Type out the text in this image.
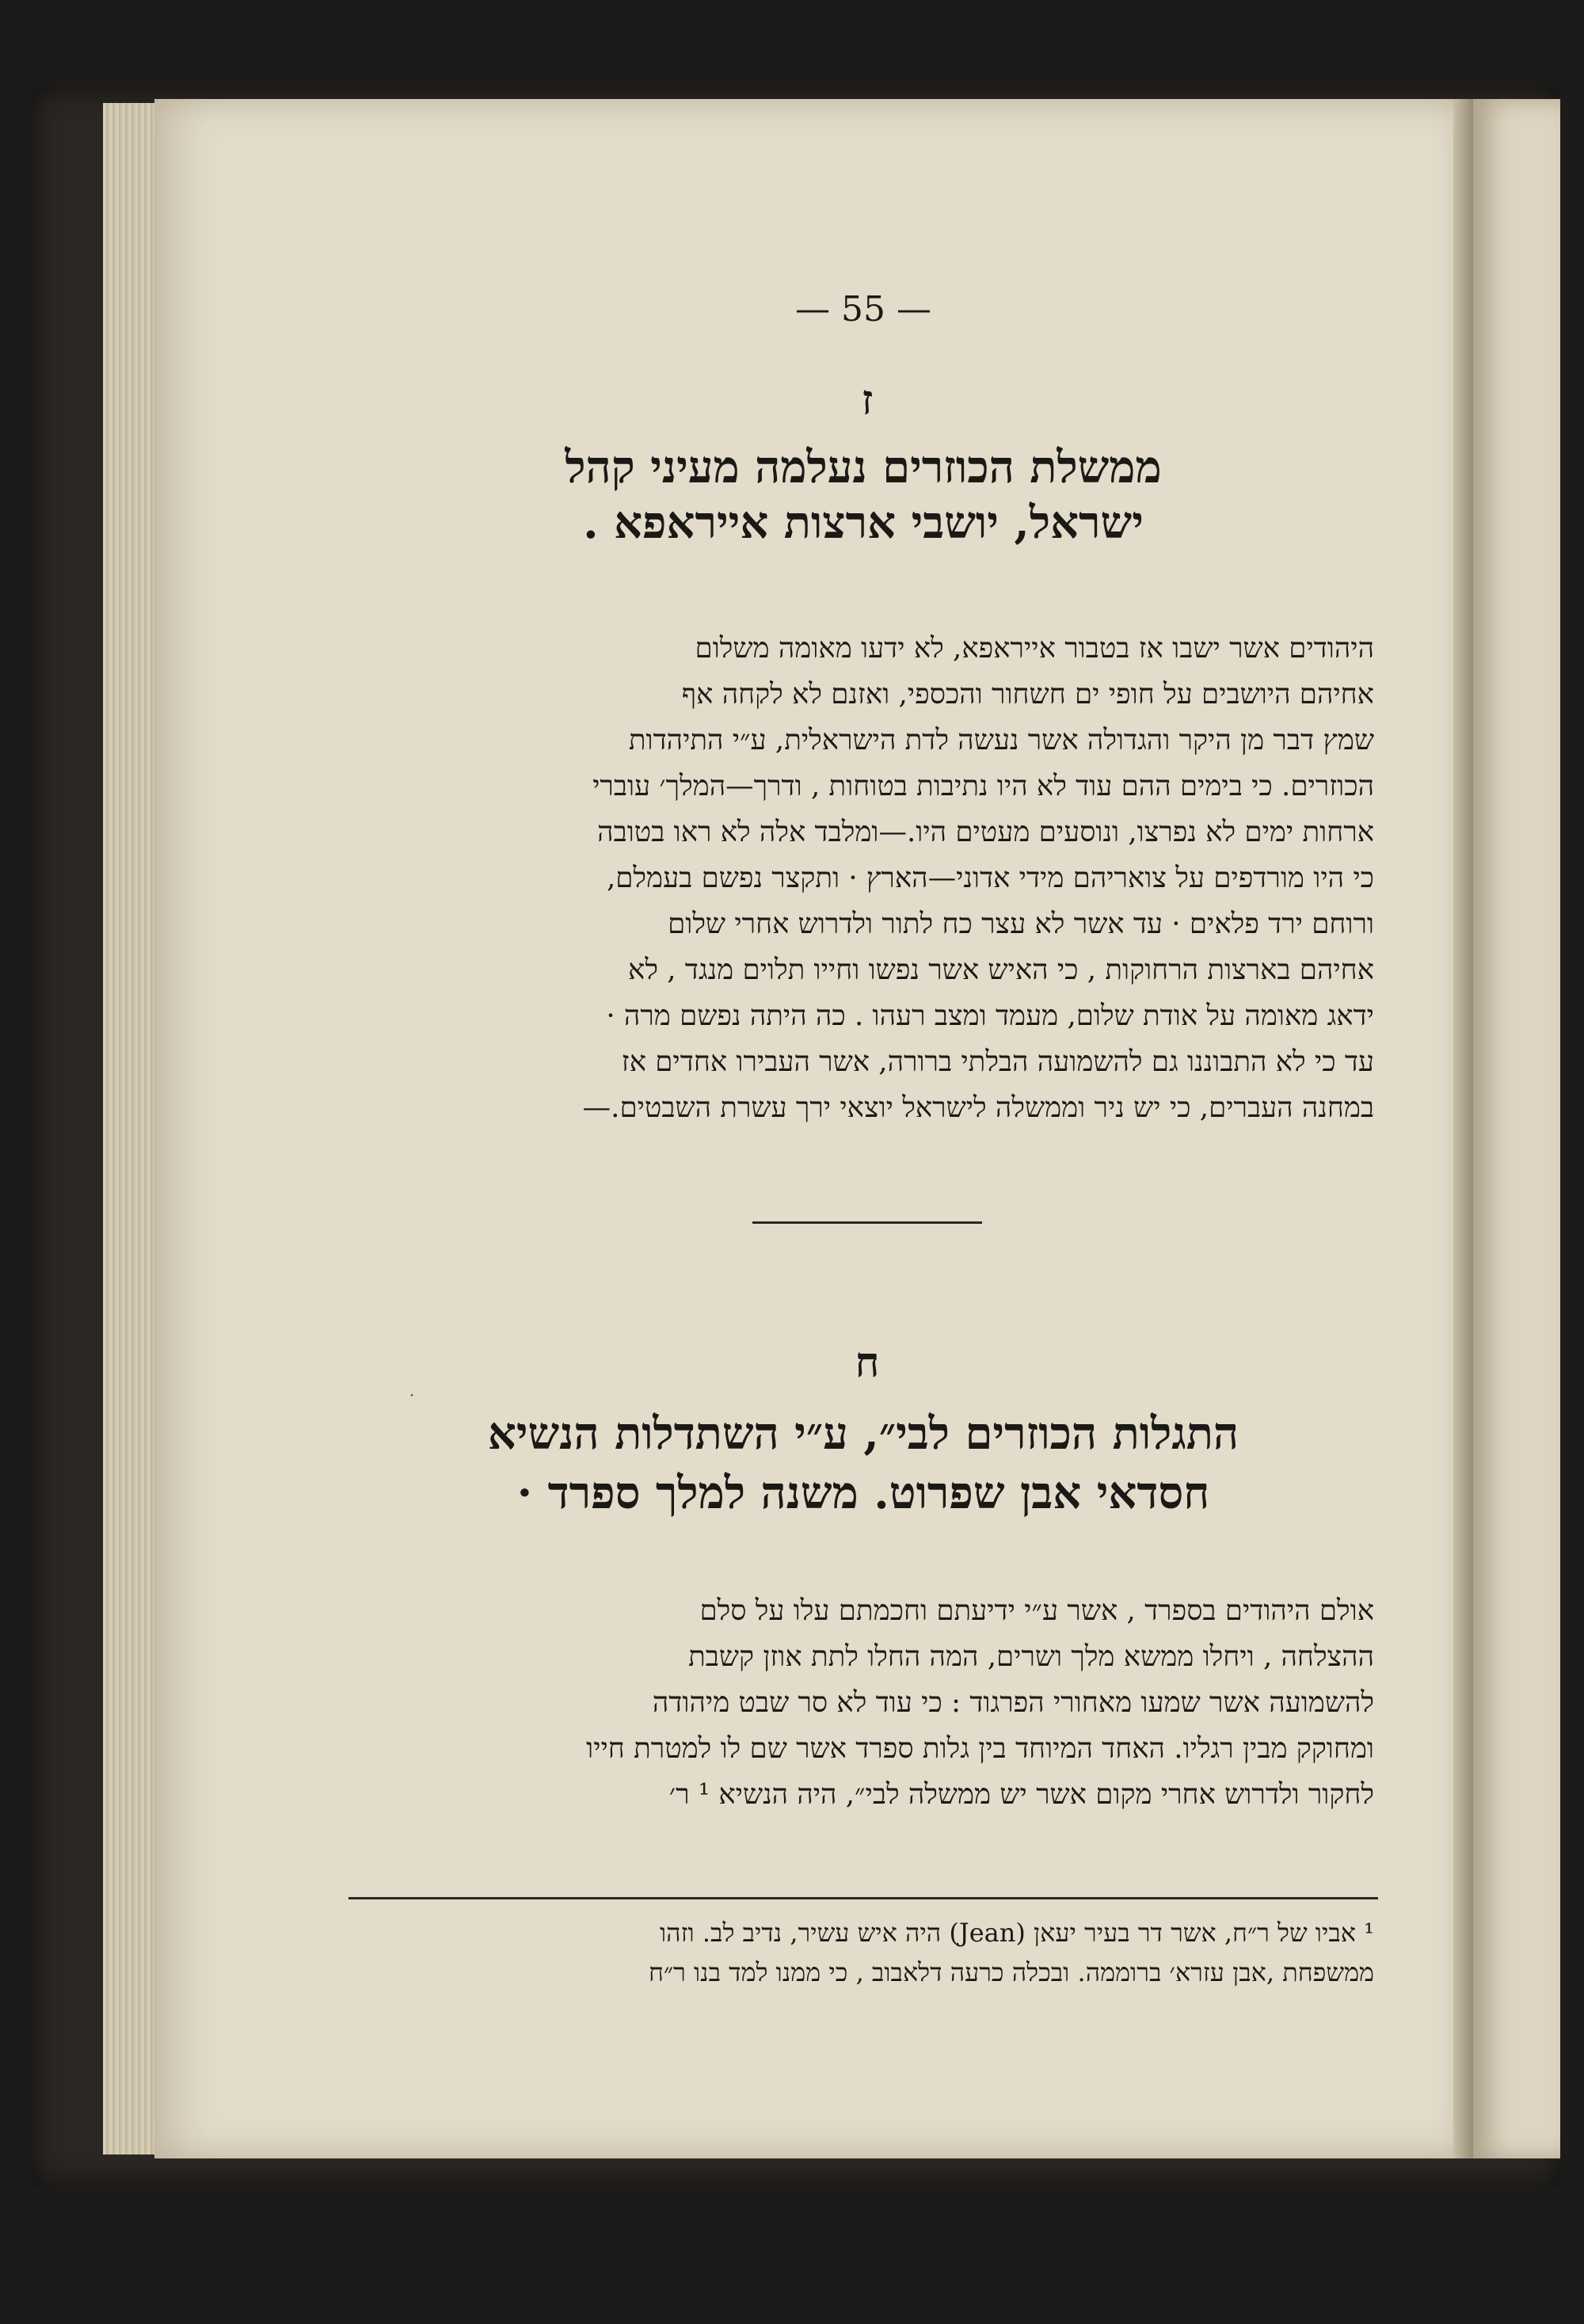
— 55 —
ז
ממשלת הכוזרים נעלמה מעיני קהל
ישראל, יושבי ארצות אייראפא .
היהודים אשר ישבו אז בטבור אייראפא, לא ידעו מאומה משלום
אחיהם היושבים על חופי ים חשחור והכספי, ואזנם לא לקחה אף
שמץ דבר מן היקר והגדולה אשר נעשה לדת הישראלית, ע״י התיהדות
הכוזרים. כי בימים ההם עוד לא היו נתיבות בטוחות , ודרך—המלך׳ עוברי
ארחות ימים לא נפרצו, ונוסעים מעטים היו.—ומלבד אלה לא ראו בטובה
כי היו מורדפים על צואריהם מידי אדוני—הארץ · ותקצר נפשם בעמלם,
ורוחם ירד פלאים · עד אשר לא עצר כח לתור ולדרוש אחרי שלום
אחיהם בארצות הרחוקות , כי האיש אשר נפשו וחייו תלוים מנגד , לא
ידאג מאומה על אודת שלום, מעמד ומצב רעהו . כה היתה נפשם מרה ·
עד כי לא התבוננו גם להשמועה הבלתי ברורה, אשר העבירו אחדים אז
במחנה העברים, כי יש ניר וממשלה לישראל יוצאי ירך עשרת השבטים.—
ח
התגלות הכוזרים לבי״, ע״י השתדלות הנשיא
חסדאי אבן שפרוט. משנה למלך ספרד ·
אולם היהודים בספרד , אשר ע״י ידיעתם וחכמתם עלו על סלם
ההצלחה , ויחלו ממשא מלך ושרים, המה החלו לתת אוזן קשבת
להשמועה אשר שמעו מאחורי הפרגוד : כי עוד לא סר שבט מיהודה
ומחוקק מבין רגליו. האחד המיוחד בין גלות ספרד אשר שם לו למטרת חייו
לחקור ולדרוש אחרי מקום אשר יש ממשלה לבי״, היה הנשיא ¹ ר׳
¹ אביו של ר״ח, אשר דר בעיר יעאן (Jean) היה איש עשיר, נדיב לב. וזהו
ממשפחת ,אבן עזרא׳ ברוממה. ובכלה כרעה דלאבוב , כי ממנו למד בנו ר״ח
